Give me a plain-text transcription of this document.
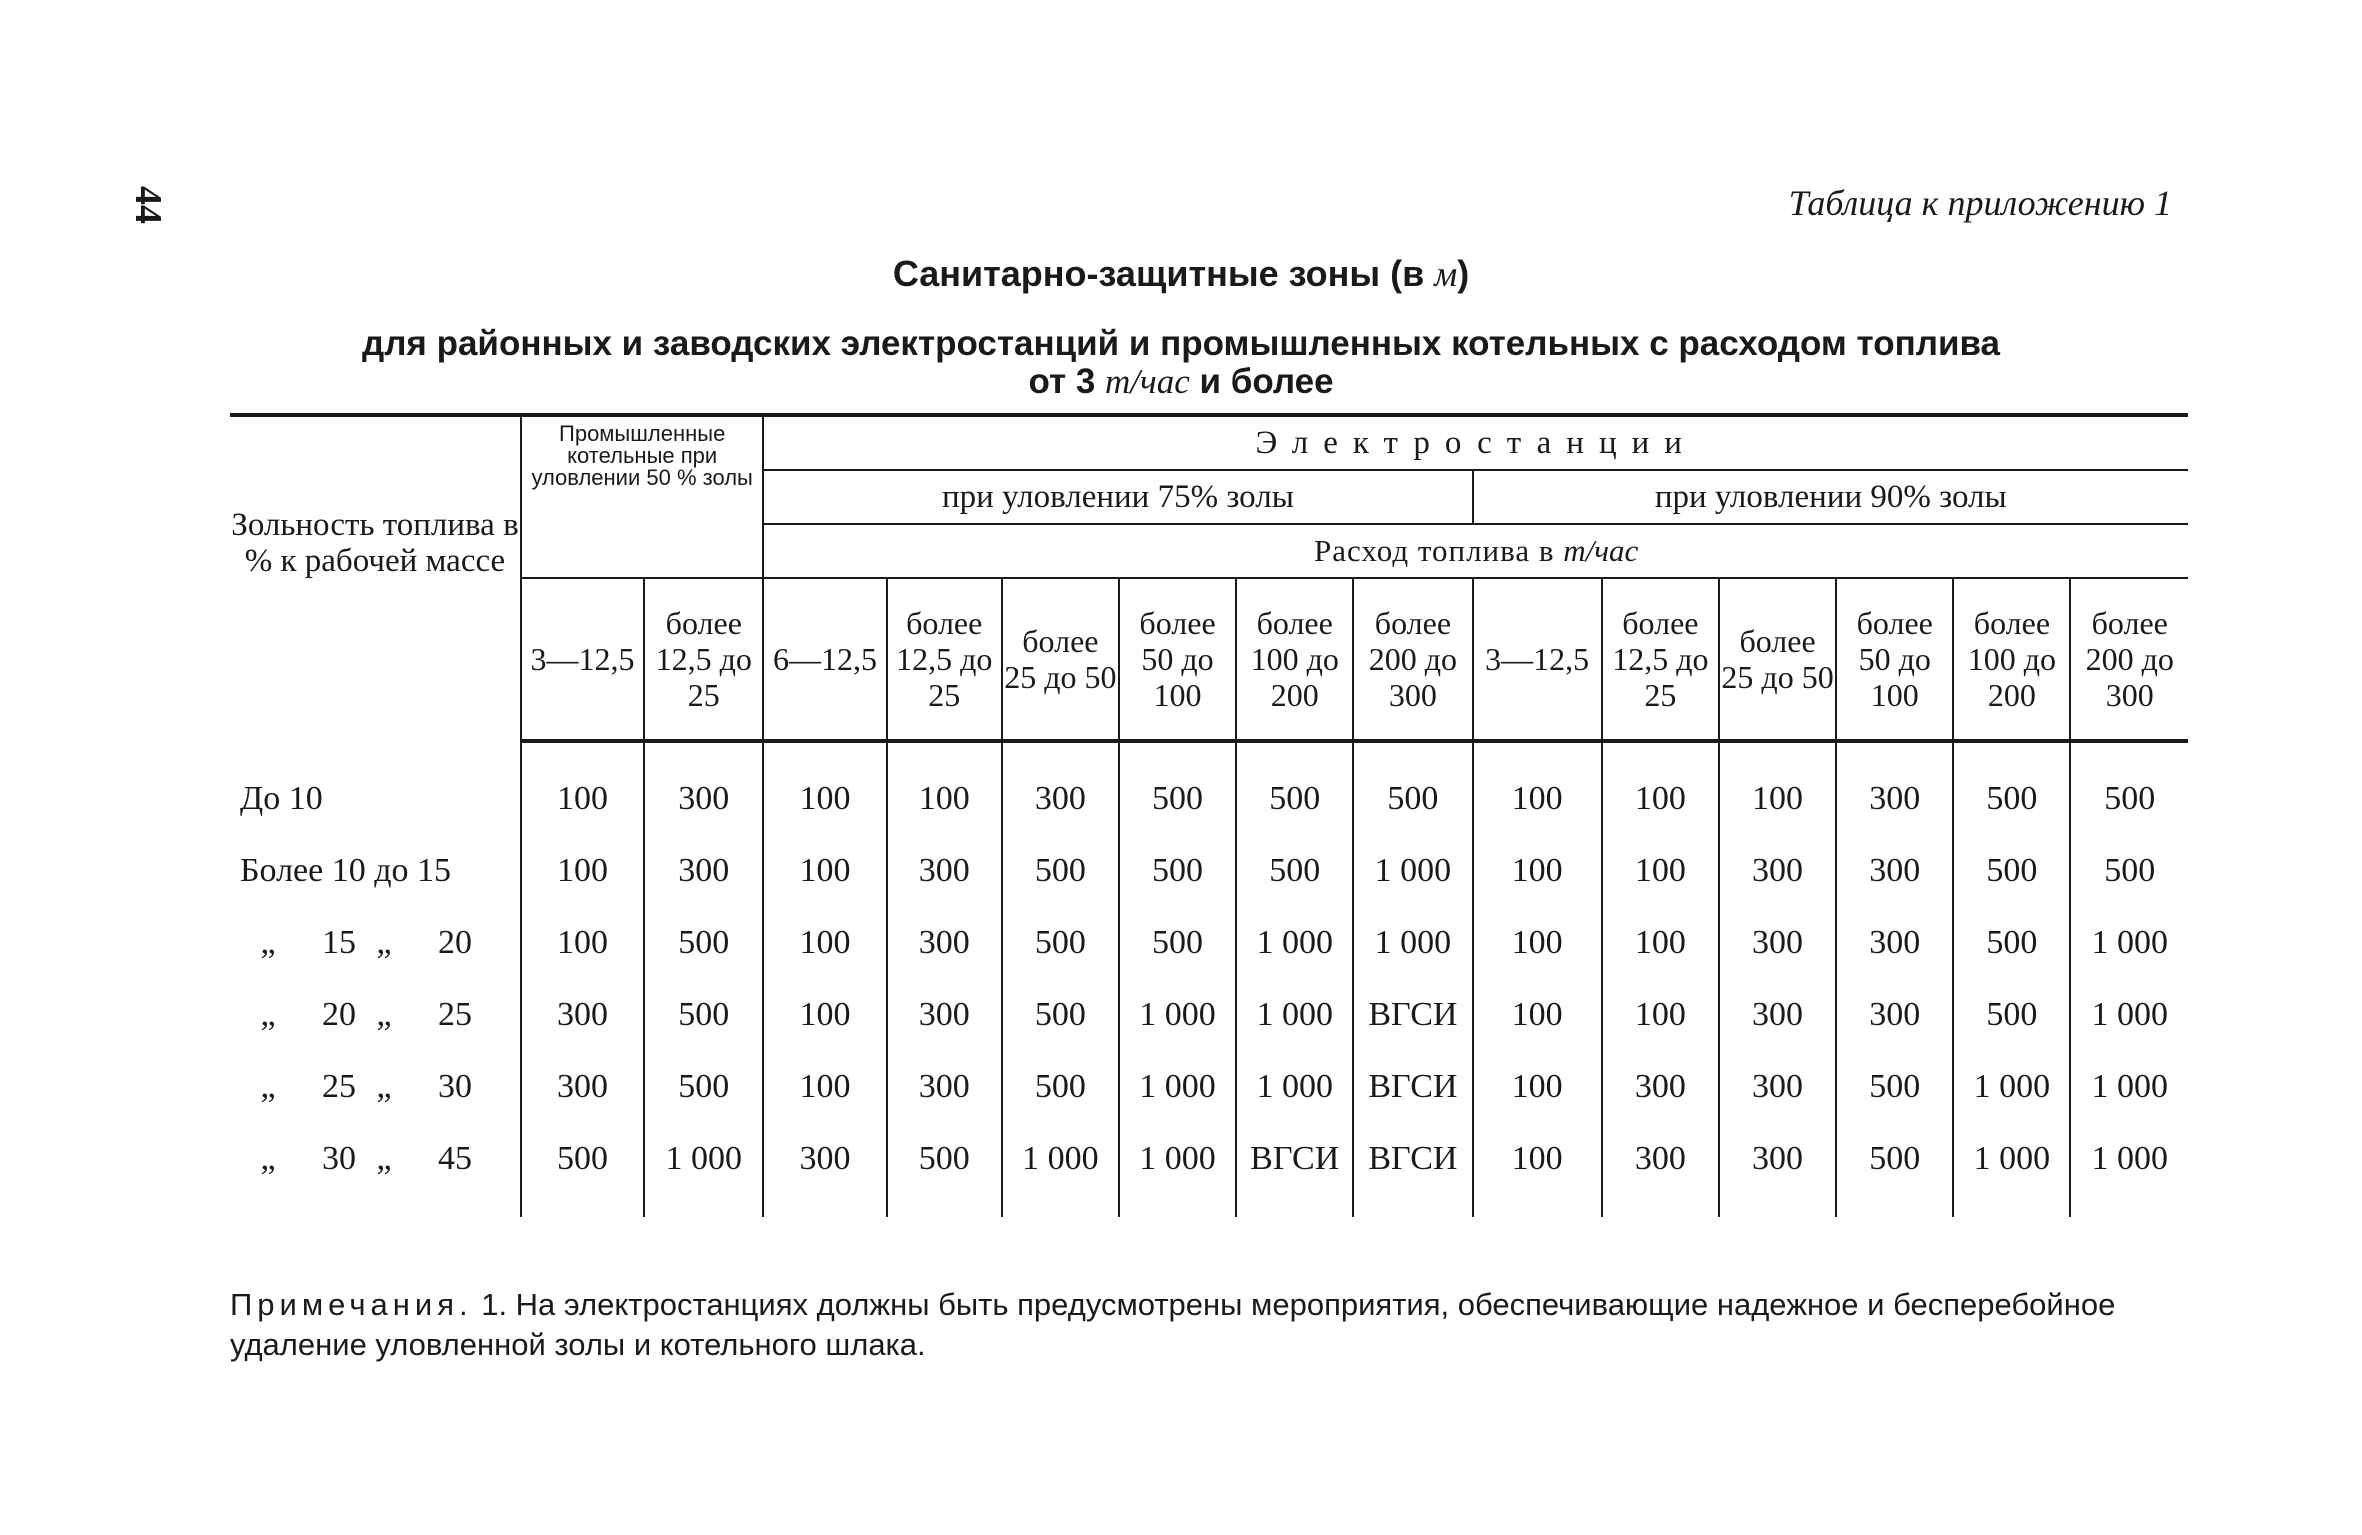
44	Таблица к приложению 1
Санитарно-защитные зоны (в м)
для районных и заводских электростанций и промышленных котельных с расходом топлива
от 3 т/час и более
Зольность топлива в % к рабочей массе	Промышленные котельные при уловлении 50 % золы		Электростанции											
			при уловлении 75% золы						при уловлении 90% золы					
			Расход топлива в т/час											
	3—12,5	более 12,5 до 25	6—12,5	более 12,5 до 25	более 25 до 50	более 50 до 100	более 100 до 200	более 200 до 300	3—12,5	более 12,5 до 25	более 25 до 50	более 50 до 100	более 100 до 200	более 200 до 300

До 10	100	300	100	100	300	500	500	500	100	100	100	300	500	500
Более 10 до 15	100	300	100	300	500	500	500	1 000	100	100	300	300	500	500
„ 15 „ 20	100	500	100	300	500	500	1 000	1 000	100	100	300	300	500	1 000
„ 20 „ 25	300	500	100	300	500	1 000	1 000	ВГСИ	100	100	300	300	500	1 000
„ 25 „ 30	300	500	100	300	500	1 000	1 000	ВГСИ	100	300	300	500	1 000	1 000
„ 30 „ 45	500	1 000	300	500	1 000	1 000	ВГСИ	ВГСИ	100	300	300	500	1 000	1 000
Примечания. 1. На электростанциях должны быть предусмотрены мероприятия, обеспечивающие надежное и бесперебойное удаление уловленной золы и котельного шлака.
